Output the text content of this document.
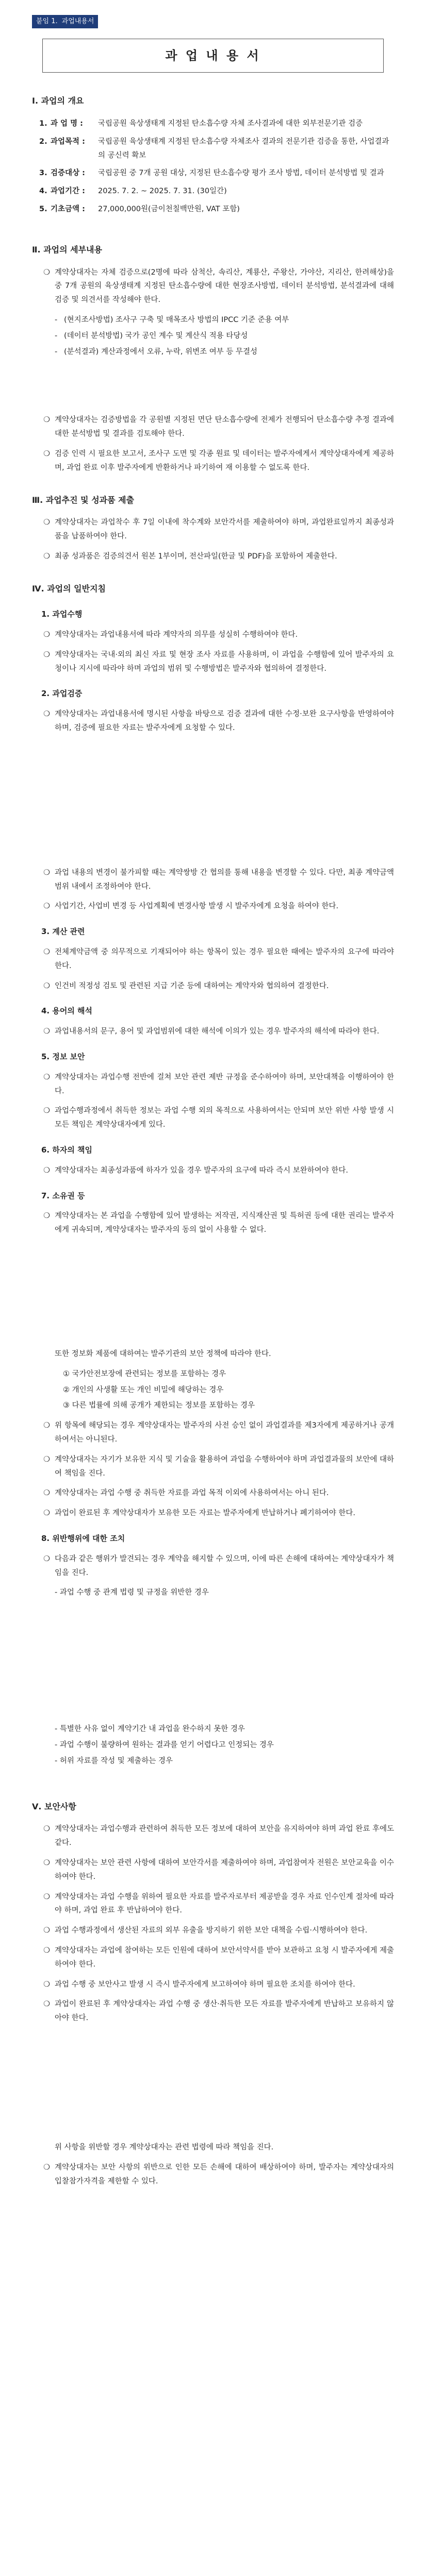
붙임 1. 과업내용서
과 업 내 용 서
Ⅰ. 과업의 개요
1. 과 업 명 :	국립공원 육상생태계 지정된 탄소흡수량 자체 조사결과에 대한 외부전문기관 검증
2. 과업목적 :	국립공원 육상생태계 지정된 탄소흡수량 자체조사 결과의 전문기관 검증을 통한, 사업결과의 공신력 확보
3. 검증대상 :	국립공원 중 7개 공원 대상, 지정된 탄소흡수량 평가 조사 방법, 데이터 분석방법 및 결과
4. 과업기간 :	2025. 7. 2. ~ 2025. 7. 31. (30일간)
5. 기초금액 :	27,000,000원(금이천칠백만원, VAT 포함)
Ⅱ. 과업의 세부내용
❍ 계약상대자는 자체 검증으로(2명에 따라 삼척산, 속리산, 계룡산, 주왕산, 가야산, 지리산, 한려해상)을 중 7개 공원의 육상생태계 지정된 탄소흡수량에 대한 현장조사방법, 데이터 분석방법, 분석결과에 대해 검증 및 의견서를 작성해야 한다.
- (현지조사방법) 조사구 구축 및 매목조사 방법의 IPCC 기준 준용 여부
- (데이터 분석방법) 국가 공인 계수 및 계산식 적용 타당성
- (분석결과) 계산과정에서 오류, 누락, 위변조 여부 등 무결성
❍ 계약상대자는 검증방법을 각 공원별 지정된 면단 탄소흡수량에 전제가 전행되어 탄소흡수량 추정 결과에 대한 분석방법 및 결과를 검토해야 한다.
❍ 검증 인력 시 필요한 보고서, 조사구 도면 및 각종 원료 및 데이터는 발주자에게서 계약상대자에게 제공하며, 과업 완료 이후 발주자에게 반환하거나 파기하여 재 이용할 수 없도록 한다.
Ⅲ. 과업추진 및 성과품 제출
❍ 계약상대자는 과업착수 후 7일 이내에 착수계와 보안각서를 제출하여야 하며, 과업완료일까지 최종성과품을 납품하여야 한다.
❍ 최종 성과품은 검증의견서 원본 1부이며, 전산파일(한글 및 PDF)을 포함하여 제출한다.
Ⅳ. 과업의 일반지침
1. 과업수행
❍ 계약상대자는 과업내용서에 따라 계약자의 의무를 성실히 수행하여야 한다.
❍ 계약상대자는 국내·외의 최신 자료 및 현장 조사 자료를 사용하며, 이 과업을 수행함에 있어 발주자의 요청이나 지시에 따라야 하며 과업의 범위 및 수행방법은 발주자와 협의하여 결정한다.
2. 과업검증
❍ 계약상대자는 과업내용서에 명시된 사항을 바탕으로 검증 결과에 대한 수정·보완 요구사항을 반영하여야 하며, 검증에 필요한 자료는 발주자에게 요청할 수 있다.
❍ 과업 내용의 변경이 불가피할 때는 계약쌍방 간 협의를 통해 내용을 변경할 수 있다. 다만, 최종 계약금액 범위 내에서 조정하여야 한다.
❍ 사업기간, 사업비 변경 등 사업계획에 변경사항 발생 시 발주자에게 요청을 하여야 한다.
3. 계산 관련
❍ 전체계약금액 중 의무적으로 기재되어야 하는 항목이 있는 경우 필요한 때에는 발주자의 요구에 따라야 한다.
❍ 인건비 적정성 검토 및 관련된 지급 기준 등에 대하여는 계약자와 협의하여 결정한다.
4. 용어의 해석
❍ 과업내용서의 문구, 용어 및 과업범위에 대한 해석에 이의가 있는 경우 발주자의 해석에 따라야 한다.
5. 정보 보안
❍ 계약상대자는 과업수행 전반에 걸쳐 보안 관련 제반 규정을 준수하여야 하며, 보안대책을 이행하여야 한다.
❍ 과업수행과정에서 취득한 정보는 과업 수행 외의 목적으로 사용하여서는 안되며 보안 위반 사항 발생 시 모든 책임은 계약상대자에게 있다.
6. 하자의 책임
❍ 계약상대자는 최종성과품에 하자가 있을 경우 발주자의 요구에 따라 즉시 보완하여야 한다.
7. 소유권 등
❍ 계약상대자는 본 과업을 수행함에 있어 발생하는 저작권, 지식재산권 및 특허권 등에 대한 권리는 발주자에게 귀속되며, 계약상대자는 발주자의 동의 없이 사용할 수 없다.
또한 정보화 제품에 대하여는 발주기관의 보안 정책에 따라야 한다.
① 국가안전보장에 관련되는 정보를 포함하는 경우
② 개인의 사생활 또는 개인 비밀에 해당하는 경우
③ 다른 법률에 의해 공개가 제한되는 정보를 포함하는 경우
❍ 위 항목에 해당되는 경우 계약상대자는 발주자의 사전 승인 없이 과업결과를 제3자에게 제공하거나 공개하여서는 아니된다.
❍ 계약상대자는 자기가 보유한 지식 및 기술을 활용하여 과업을 수행하여야 하며 과업결과물의 보안에 대하여 책임을 진다.
❍ 계약상대자는 과업 수행 중 취득한 자료를 과업 목적 이외에 사용하여서는 아니 된다.
❍ 과업이 완료된 후 계약상대자가 보유한 모든 자료는 발주자에게 반납하거나 폐기하여야 한다.
8. 위반행위에 대한 조치
❍ 다음과 같은 행위가 발견되는 경우 계약을 해지할 수 있으며, 이에 따른 손해에 대하여는 계약상대자가 책임을 진다.
- 과업 수행 중 관계 법령 및 규정을 위반한 경우
- 특별한 사유 없이 계약기간 내 과업을 완수하지 못한 경우
- 과업 수행이 불량하여 원하는 결과를 얻기 어렵다고 인정되는 경우
- 허위 자료를 작성 및 제출하는 경우
Ⅴ. 보안사항
❍ 계약상대자는 과업수행과 관련하여 취득한 모든 정보에 대하여 보안을 유지하여야 하며 과업 완료 후에도 같다.
❍ 계약상대자는 보안 관련 사항에 대하여 보안각서를 제출하여야 하며, 과업참여자 전원은 보안교육을 이수하여야 한다.
❍ 계약상대자는 과업 수행을 위하여 필요한 자료를 발주자로부터 제공받을 경우 자료 인수인계 절차에 따라야 하며, 과업 완료 후 반납하여야 한다.
❍ 과업 수행과정에서 생산된 자료의 외부 유출을 방지하기 위한 보안 대책을 수립·시행하여야 한다.
❍ 계약상대자는 과업에 참여하는 모든 인원에 대하여 보안서약서를 받아 보관하고 요청 시 발주자에게 제출하여야 한다.
❍ 과업 수행 중 보안사고 발생 시 즉시 발주자에게 보고하여야 하며 필요한 조치를 하여야 한다.
❍ 과업이 완료된 후 계약상대자는 과업 수행 중 생산·취득한 모든 자료를 발주자에게 반납하고 보유하지 않아야 한다.
위 사항을 위반할 경우 계약상대자는 관련 법령에 따라 책임을 진다.
❍ 계약상대자는 보안 사항의 위반으로 인한 모든 손해에 대하여 배상하여야 하며, 발주자는 계약상대자의 입찰참가자격을 제한할 수 있다.
